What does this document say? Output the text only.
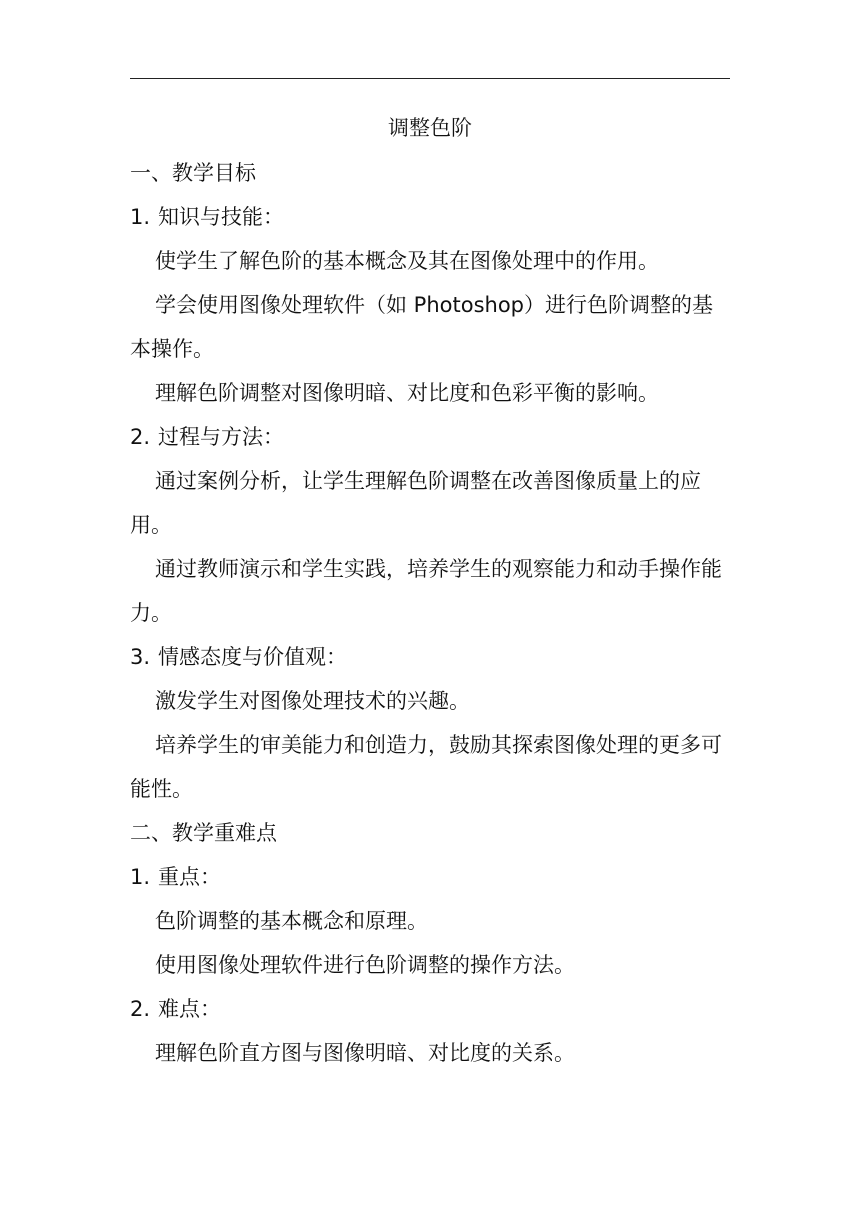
调整色阶
一、教学目标
1. 知识与技能：
使学生了解色阶的基本概念及其在图像处理中的作用。
学会使用图像处理软件（如 Photoshop）进行色阶调整的基本操作。
理解色阶调整对图像明暗、对比度和色彩平衡的影响。
2. 过程与方法：
通过案例分析，让学生理解色阶调整在改善图像质量上的应用。
通过教师演示和学生实践，培养学生的观察能力和动手操作能力。
3. 情感态度与价值观：
激发学生对图像处理技术的兴趣。
培养学生的审美能力和创造力，鼓励其探索图像处理的更多可能性。
二、教学重难点
1. 重点：
色阶调整的基本概念和原理。
使用图像处理软件进行色阶调整的操作方法。
2. 难点：
理解色阶直方图与图像明暗、对比度的关系。
